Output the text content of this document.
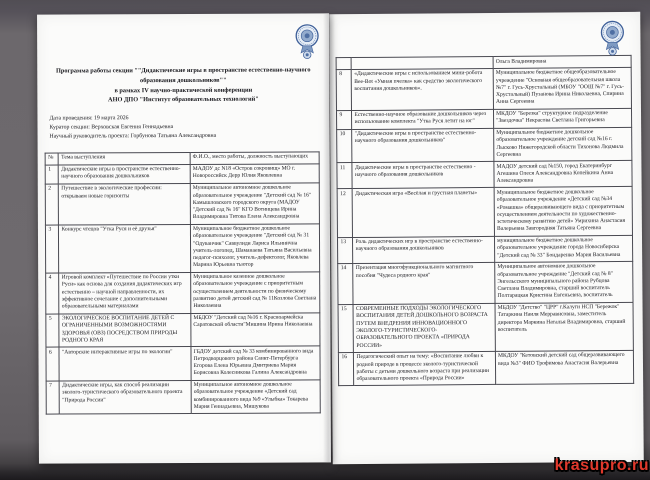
Программа работы секции ""Дидактические игры в пространстве естественно-научного
образования дошкольников""
в рамках IV научно-практической конференции
АНО ДПО "Институт образовательных технологий"
Дата проведения: 19 марта 2026
Куратор секции: Верховская Евгения Геннадьевна
Научный руководитель проекта: Горбунова Татьяна Александровна
№	Тема выступления	Ф.И.О., место работы, должность выступающих
1	Дидактические игры в пространстве естественно-научного образования дошкольников	МАДОУ дс N18 «Остров сокровищ» МО г. Новороссийск Дерр Юлия Яковлевна
2	Путешествие в экологические профессии: открываем новые горизонты	Муниципальное автономное дошкольное образовательное учреждение "Детский сад № 16" Камышловского городского округа (МАДОУ "Детский сад № 16" КГО Вотинцева Ирина Владимировна Титова Елена Александровна
3	Конкурс чтецов "Утка Руся и её друзья"	Муниципальное бюджетное дошкольное образовательное учреждение "Детский сад № 31 "Одуванчик" Саввулиди Лариса Ильинична учитель-логопед, Шаманаева Татьяна Васильевна педагог-психолог, учитель-дефектолог, Яковлева Марина Юрьевна тьютор
4	Игровой комплект «Путешествие по России утки Руси» как основа для создания дидактических игр естественно – научной направленности, их эффективное сочетание с дополнительными образовательными материалами	Муниципальное казенное дошкольное образовательное учреждение с приоритетным осуществлением деятельности по физическому развитию детей детский сад № 11Козлова Светлана Николаевна
5	ЭКОЛОГИЧЕСКОЕ ВОСПИТАНИЕ ДЕТЕЙ С ОГРАНИЧЕННЫМИ ВОЗМОЖНОСТЯМИ ЗДОРОВЬЯ (ОВЗ) ПОСРЕДСТВОМ ПРИРОДЫ РОДНОГО КРАЯ	МБДОУ "Детский сад №16 г. Красноармейска Саратовской области"Мишина Ирина Николаевна
6	"Авторские интерактивные игры по экологии"	ГБДОУ детский сад № 33 комбинированного вида Петродворцового района Санкт-Петербурга Егорова Елена Юрьевна Дмитриева Мария Борисовна Колесникова Галина Александровна
7	Дидактические игры, как способ реализации эколого-туристического образовательного проекта "Природа России"	Муниципальное автономное дошкольное образовательное учреждение «Детский сад комбинированного вида №9 «Улыбка» Токарева Мария Геннадьевна, Мишукова
		Ольга Владимировна
8	«Дидактические игры с использованием мини-робота Bee-Bot «Умная пчелка» как средство экологического воспитания дошкольников».	Муниципальное бюджетное общеобразовательное учреждение "Основная общеобразовательная школа №7" г. Гусь-Хрустальный (МБОУ "ООШ №7" г. Гусь-Хрустальный) Пузанова Ирина Николаевна, Спирина Анна Сергеевна
9	Естественно-научное образование дошкольников через использование комплекта "Утка Руся летит на юг"	МКДОУ "Березка" структурное подразделение "Звездочка" Некрасова Светлана Григорьевна
10	"Дидактические игры в пространстве естественно-научного образования дошкольников"	Муниципальное бюджетное дошкольное образовательное учреждение детский сад №16 г. Лысково Нижегородской области Тихонова Людмила Сергеевна
11	Дидактические игры в пространстве естественно - научного образования дошкольников	МАДОУ детский сад №150, город Екатеринбург Агешина Олеся Александровна Копейкина Анна Александровна
12	Дидактическая игра «Весёлая и грустная планеты»	Муниципальное бюджетное дошкольное образовательное учреждение «Детский сад №34 «Ромашка» общеразвивающего вида с приоритетным осуществлением деятельности по художественно-эстетическому развитию детей» Умрихина Анастасия Валерьевна Завгородняя Татьяна Сергеевна
13	Роль дидактических игр в пространстве естественно-научного образования дошкольников	муниципальное бюджетное дошкольное образовательное учреждение города Новосибирска "Детский сад № 33" Бондаренко Мария Васильевна
14	Презентация многофункционального магнитного пособия "Чудеса родного края"	Муниципальное автономное дошкольное образовательное учреждение "Детский сад № 8" Энгельсского муниципального района Рубцова Светлана Владимировна, старший воспитатель Полтарацкая Кристина Евгеньевна, воспитатель
15	СОВРЕМЕННЫЕ ПОДХОДЫ ЭКОЛОГИЧЕСКОГО ВОСПИТАНИЯ ДЕТЕЙ ДОШКОЛЬНОГО ВОЗРАСТА ПУТЕМ ВНЕДРЕНИЯ ИННОВАЦИОННОГО ЭКОЛОГО-ТУРИСТИЧЕСКОГО-ОБРАЗОВАТЕЛЬНОГО ПРОЕКТА «ПРИРОДА РОССИИ»	МБДОУ "Детство" "ЦРР" г.Калуги НСП "Бережок" Татаркина Наиля Меррависовна, заместитель директора Маркина Наталья Владимировна, старший воспитатель
16	Педагогический опыт на тему: «Воспитание любви к родной природе в процессе эколого-туристической работы с детьми дошкольного возраста при реализации образовательного проекта «Природа России»	МКДОУ "Кетовский детский сад общеразвивающего вида №3" ФИО Трофимова Анастасия Валерьевна
krasupro.ru
